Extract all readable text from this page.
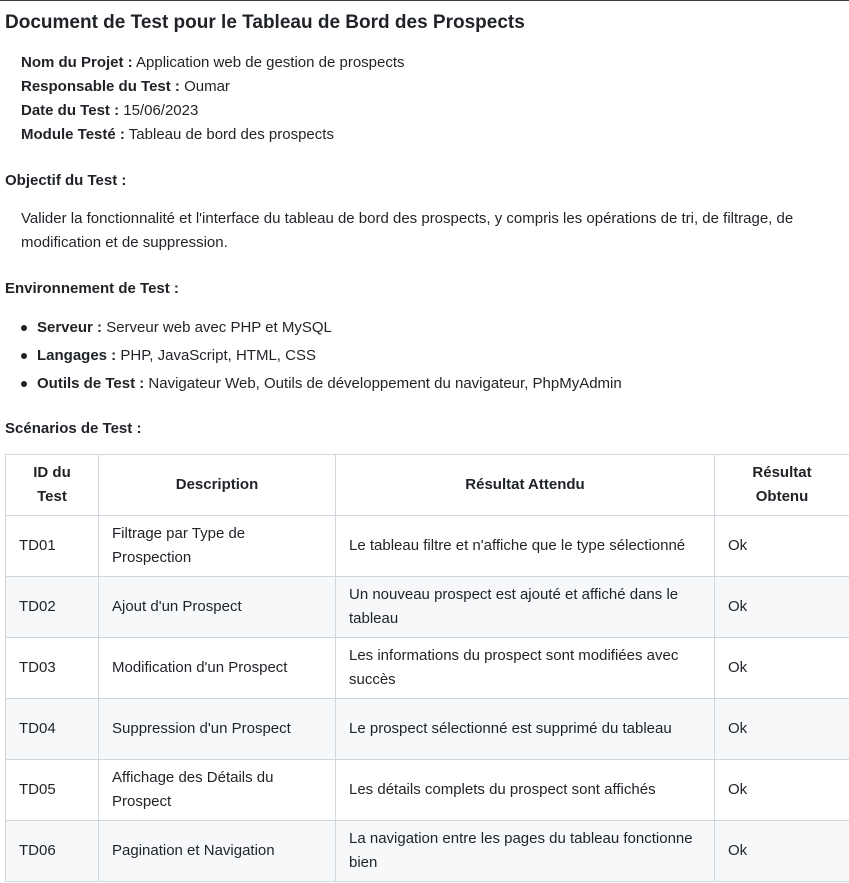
Document de Test pour le Tableau de Bord des Prospects
Nom du Projet : Application web de gestion de prospects
Responsable du Test : Oumar
Date du Test : 15/06/2023
Module Testé : Tableau de bord des prospects
Objectif du Test :

Valider la fonctionnalité et l'interface du tableau de bord des prospects, y compris les opérations de tri, de filtrage, de modification et de suppression.

Environnement de Test :
Serveur : Serveur web avec PHP et MySQL
Langages : PHP, JavaScript, HTML, CSS
Outils de Test : Navigateur Web, Outils de développement du navigateur, PhpMyAdmin
Scénarios de Test :
ID du Test	Description	Résultat Attendu	Résultat Obtenu
TD01	Filtrage par Type de Prospection	Le tableau filtre et n'affiche que le type sélectionné	Ok
TD02	Ajout d'un Prospect	Un nouveau prospect est ajouté et affiché dans le tableau	Ok
TD03	Modification d'un Prospect	Les informations du prospect sont modifiées avec succès	Ok
TD04	Suppression d'un Prospect	Le prospect sélectionné est supprimé du tableau	Ok
TD05	Affichage des Détails du Prospect	Les détails complets du prospect sont affichés	Ok
TD06	Pagination et Navigation	La navigation entre les pages du tableau fonctionne bien	Ok
